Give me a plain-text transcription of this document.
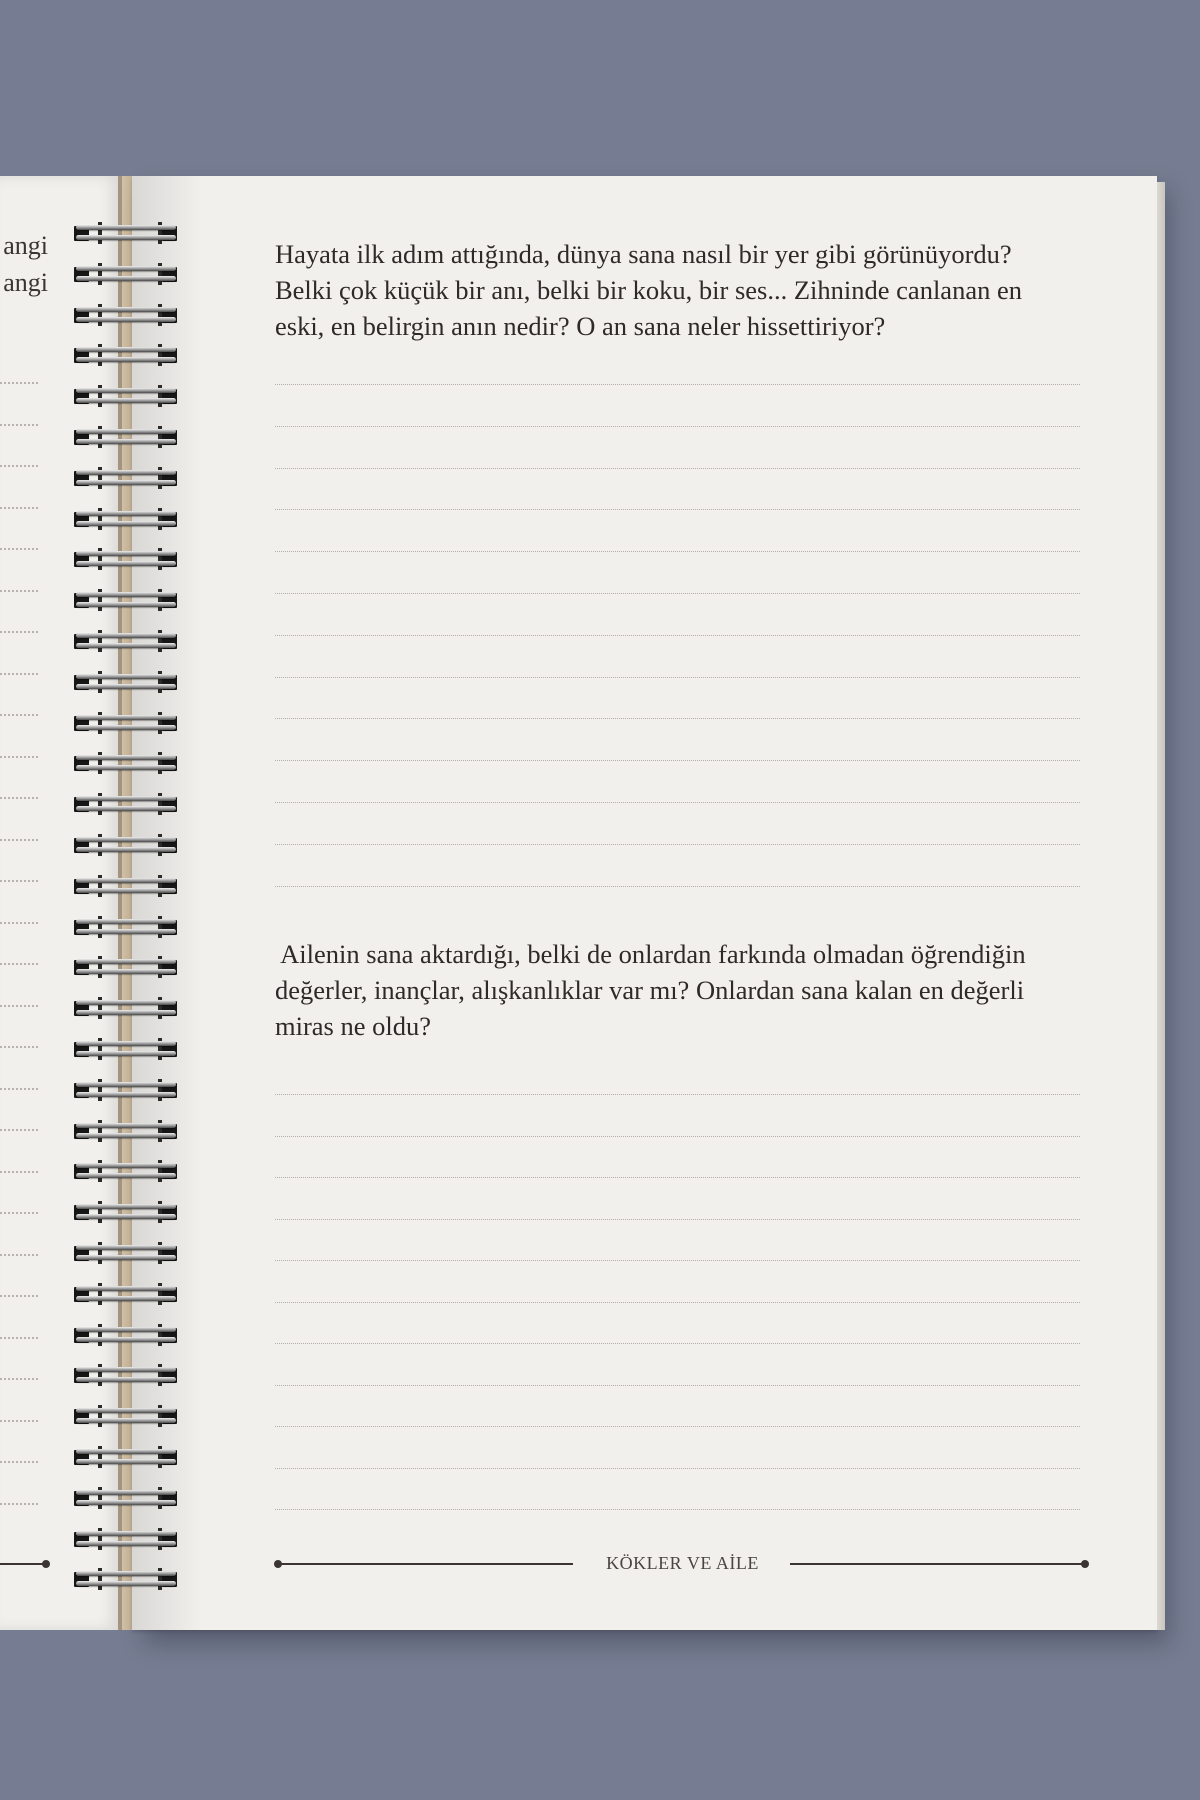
angi
angi

Hayata ilk adım attığında, dünya sana nasıl bir yer gibi görünüyordu?
Belki çok küçük bir anı, belki bir koku, bir ses... Zihninde canlanan en
eski, en belirgin anın nedir? O an sana neler hissettiriyor?

Ailenin sana aktardığı, belki de onlardan farkında olmadan öğrendiğin
değerler, inançlar, alışkanlıklar var mı? Onlardan sana kalan en değerli
miras ne oldu?

KÖKLER VE AİLE
